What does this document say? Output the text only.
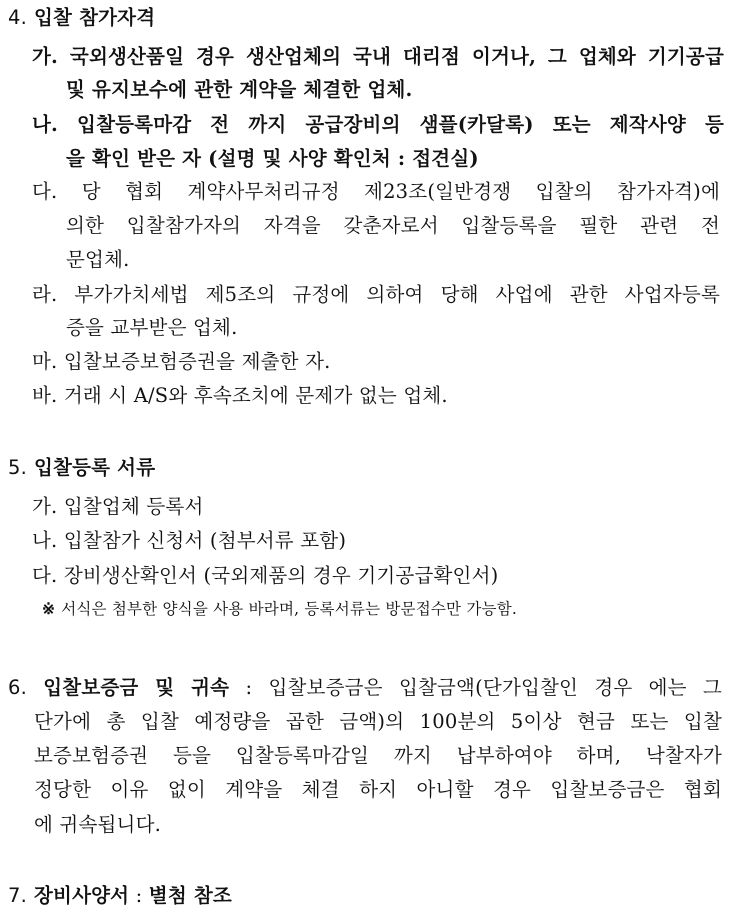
4. 입찰 참가자격
가. 국외생산품일 경우 생산업체의 국내 대리점 이거나, 그 업체와 기기공급
및 유지보수에 관한 계약을 체결한 업체.
나. 입찰등록마감 전 까지 공급장비의 샘플(카달록) 또는 제작사양 등
을 확인 받은 자 (설명 및 사양 확인처 : 접견실)
다. 당 협회 계약사무처리규정 제23조(일반경쟁 입찰의 참가자격)에
의한 입찰참가자의 자격을 갖춘자로서 입찰등록을 필한 관련 전
문업체.
라. 부가가치세법 제5조의 규정에 의하여 당해 사업에 관한 사업자등록
증을 교부받은 업체.
마. 입찰보증보험증권을 제출한 자.
바. 거래 시 A/S와 후속조치에 문제가 없는 업체.
5. 입찰등록 서류
가. 입찰업체 등록서
나. 입찰참가 신청서 (첨부서류 포함)
다. 장비생산확인서 (국외제품의 경우 기기공급확인서)
※ 서식은 첨부한 양식을 사용 바라며, 등록서류는 방문접수만 가능함.
6. 입찰보증금 및 귀속 : 입찰보증금은 입찰금액(단가입찰인 경우 에는 그
단가에 총 입찰 예정량을 곱한 금액)의 100분의 5이상 현금 또는 입찰
보증보험증권 등을 입찰등록마감일 까지 납부하여야 하며, 낙찰자가
정당한 이유 없이 계약을 체결 하지 아니할 경우 입찰보증금은 협회
에 귀속됩니다.
7. 장비사양서 : 별첨 참조
